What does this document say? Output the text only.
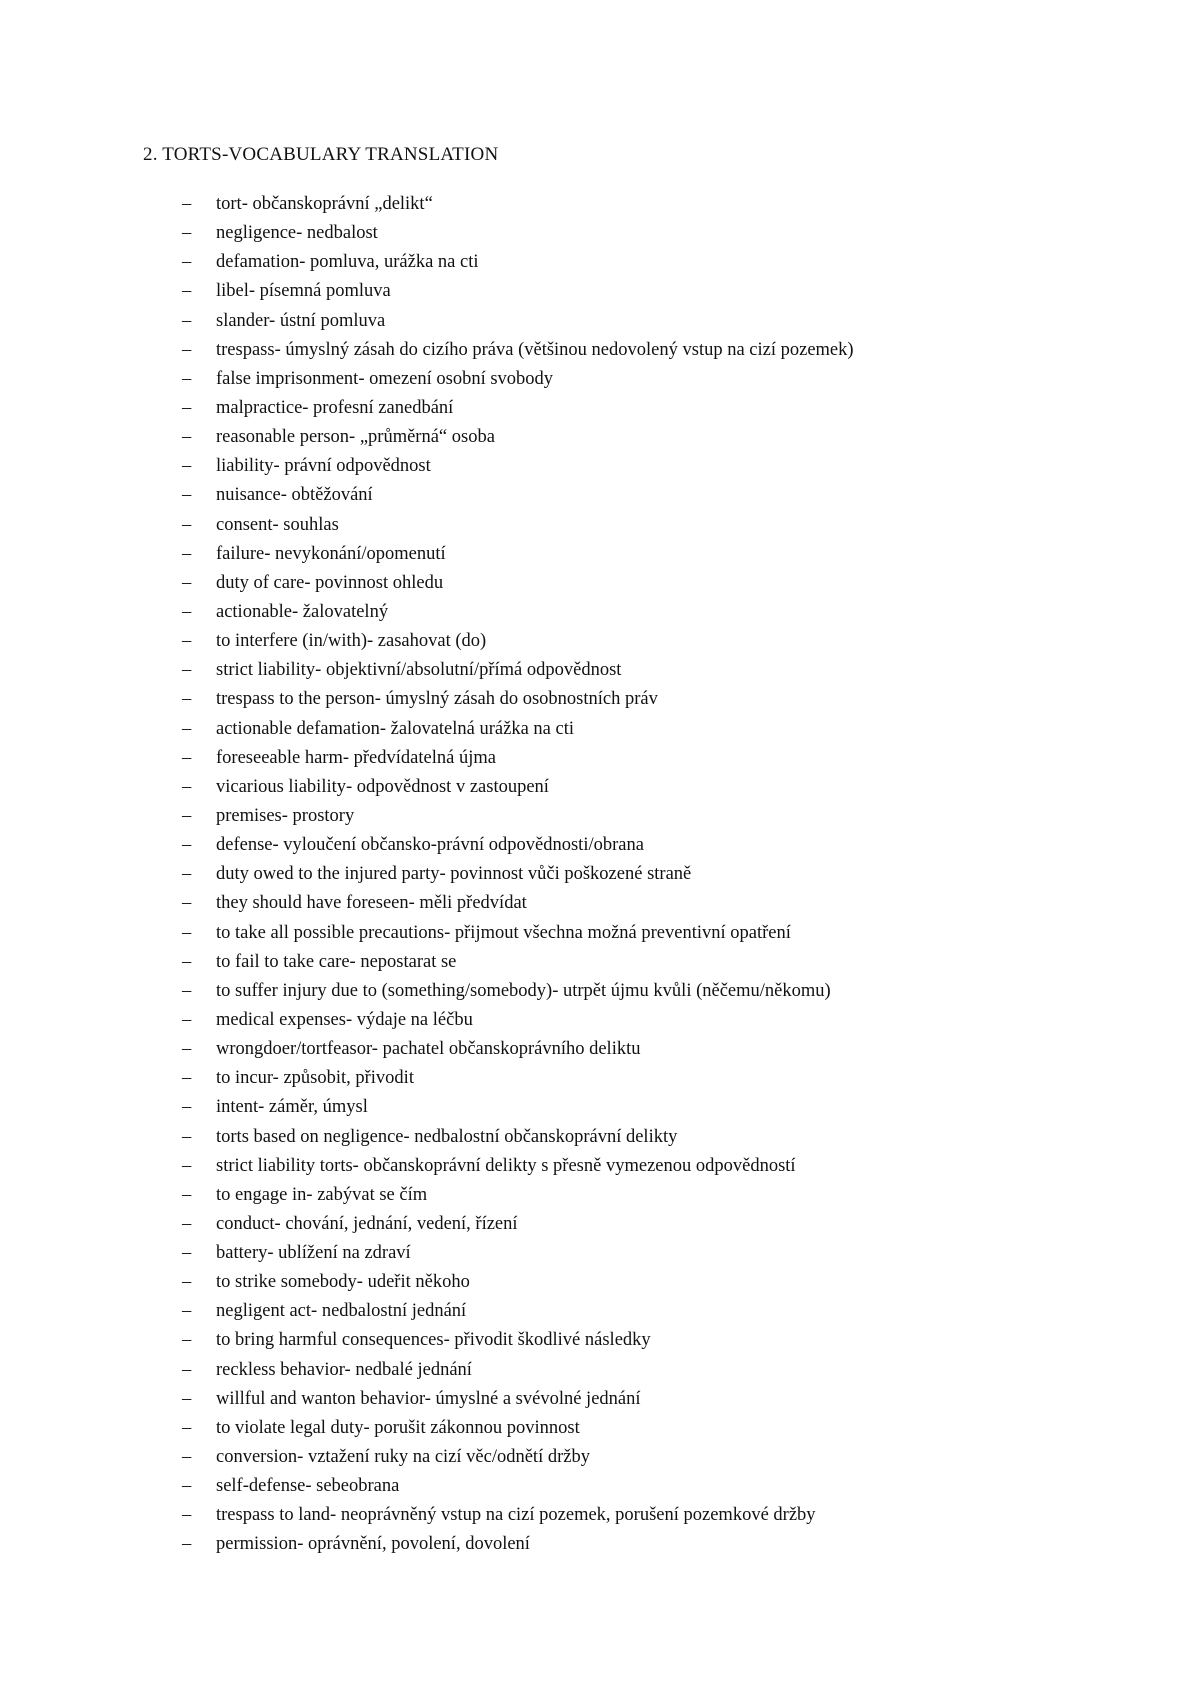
2. TORTS-VOCABULARY TRANSLATION
–	tort- občanskoprávní „delikt“
–	negligence- nedbalost
–	defamation- pomluva, urážka na cti
–	libel- písemná pomluva
–	slander- ústní pomluva
–	trespass- úmyslný zásah do cizího práva (většinou nedovolený vstup na cizí pozemek)
–	false imprisonment- omezení osobní svobody
–	malpractice- profesní zanedbání
–	reasonable person- „průměrná“ osoba
–	liability- právní odpovědnost
–	nuisance- obtěžování
–	consent- souhlas
–	failure- nevykonání/opomenutí
–	duty of care- povinnost ohledu
–	actionable- žalovatelný
–	to interfere (in/with)- zasahovat (do)
–	strict liability- objektivní/absolutní/přímá odpovědnost
–	trespass to the person- úmyslný zásah do osobnostních práv
–	actionable defamation- žalovatelná urážka na cti
–	foreseeable harm- předvídatelná újma
–	vicarious liability- odpovědnost v zastoupení
–	premises- prostory
–	defense- vyloučení občansko-právní odpovědnosti/obrana
–	duty owed to the injured party- povinnost vůči poškozené straně
–	they should have foreseen- měli předvídat
–	to take all possible precautions- přijmout všechna možná preventivní opatření
–	to fail to take care- nepostarat se
–	to suffer injury due to (something/somebody)- utrpět újmu kvůli (něčemu/někomu)
–	medical expenses- výdaje na léčbu
–	wrongdoer/tortfeasor- pachatel občanskoprávního deliktu
–	to incur- způsobit, přivodit
–	intent- záměr, úmysl
–	torts based on negligence- nedbalostní občanskoprávní delikty
–	strict liability torts- občanskoprávní delikty s přesně vymezenou odpovědností
–	to engage in- zabývat se čím
–	conduct- chování, jednání, vedení, řízení
–	battery- ublížení na zdraví
–	to strike somebody- udeřit někoho
–	negligent act- nedbalostní jednání
–	to bring harmful consequences- přivodit škodlivé následky
–	reckless behavior- nedbalé jednání
–	willful and wanton behavior- úmyslné a svévolné jednání
–	to violate legal duty- porušit zákonnou povinnost
–	conversion- vztažení ruky na cizí věc/odnětí držby
–	self-defense- sebeobrana
–	trespass to land- neoprávněný vstup na cizí pozemek, porušení pozemkové držby
–	permission- oprávnění, povolení, dovolení
